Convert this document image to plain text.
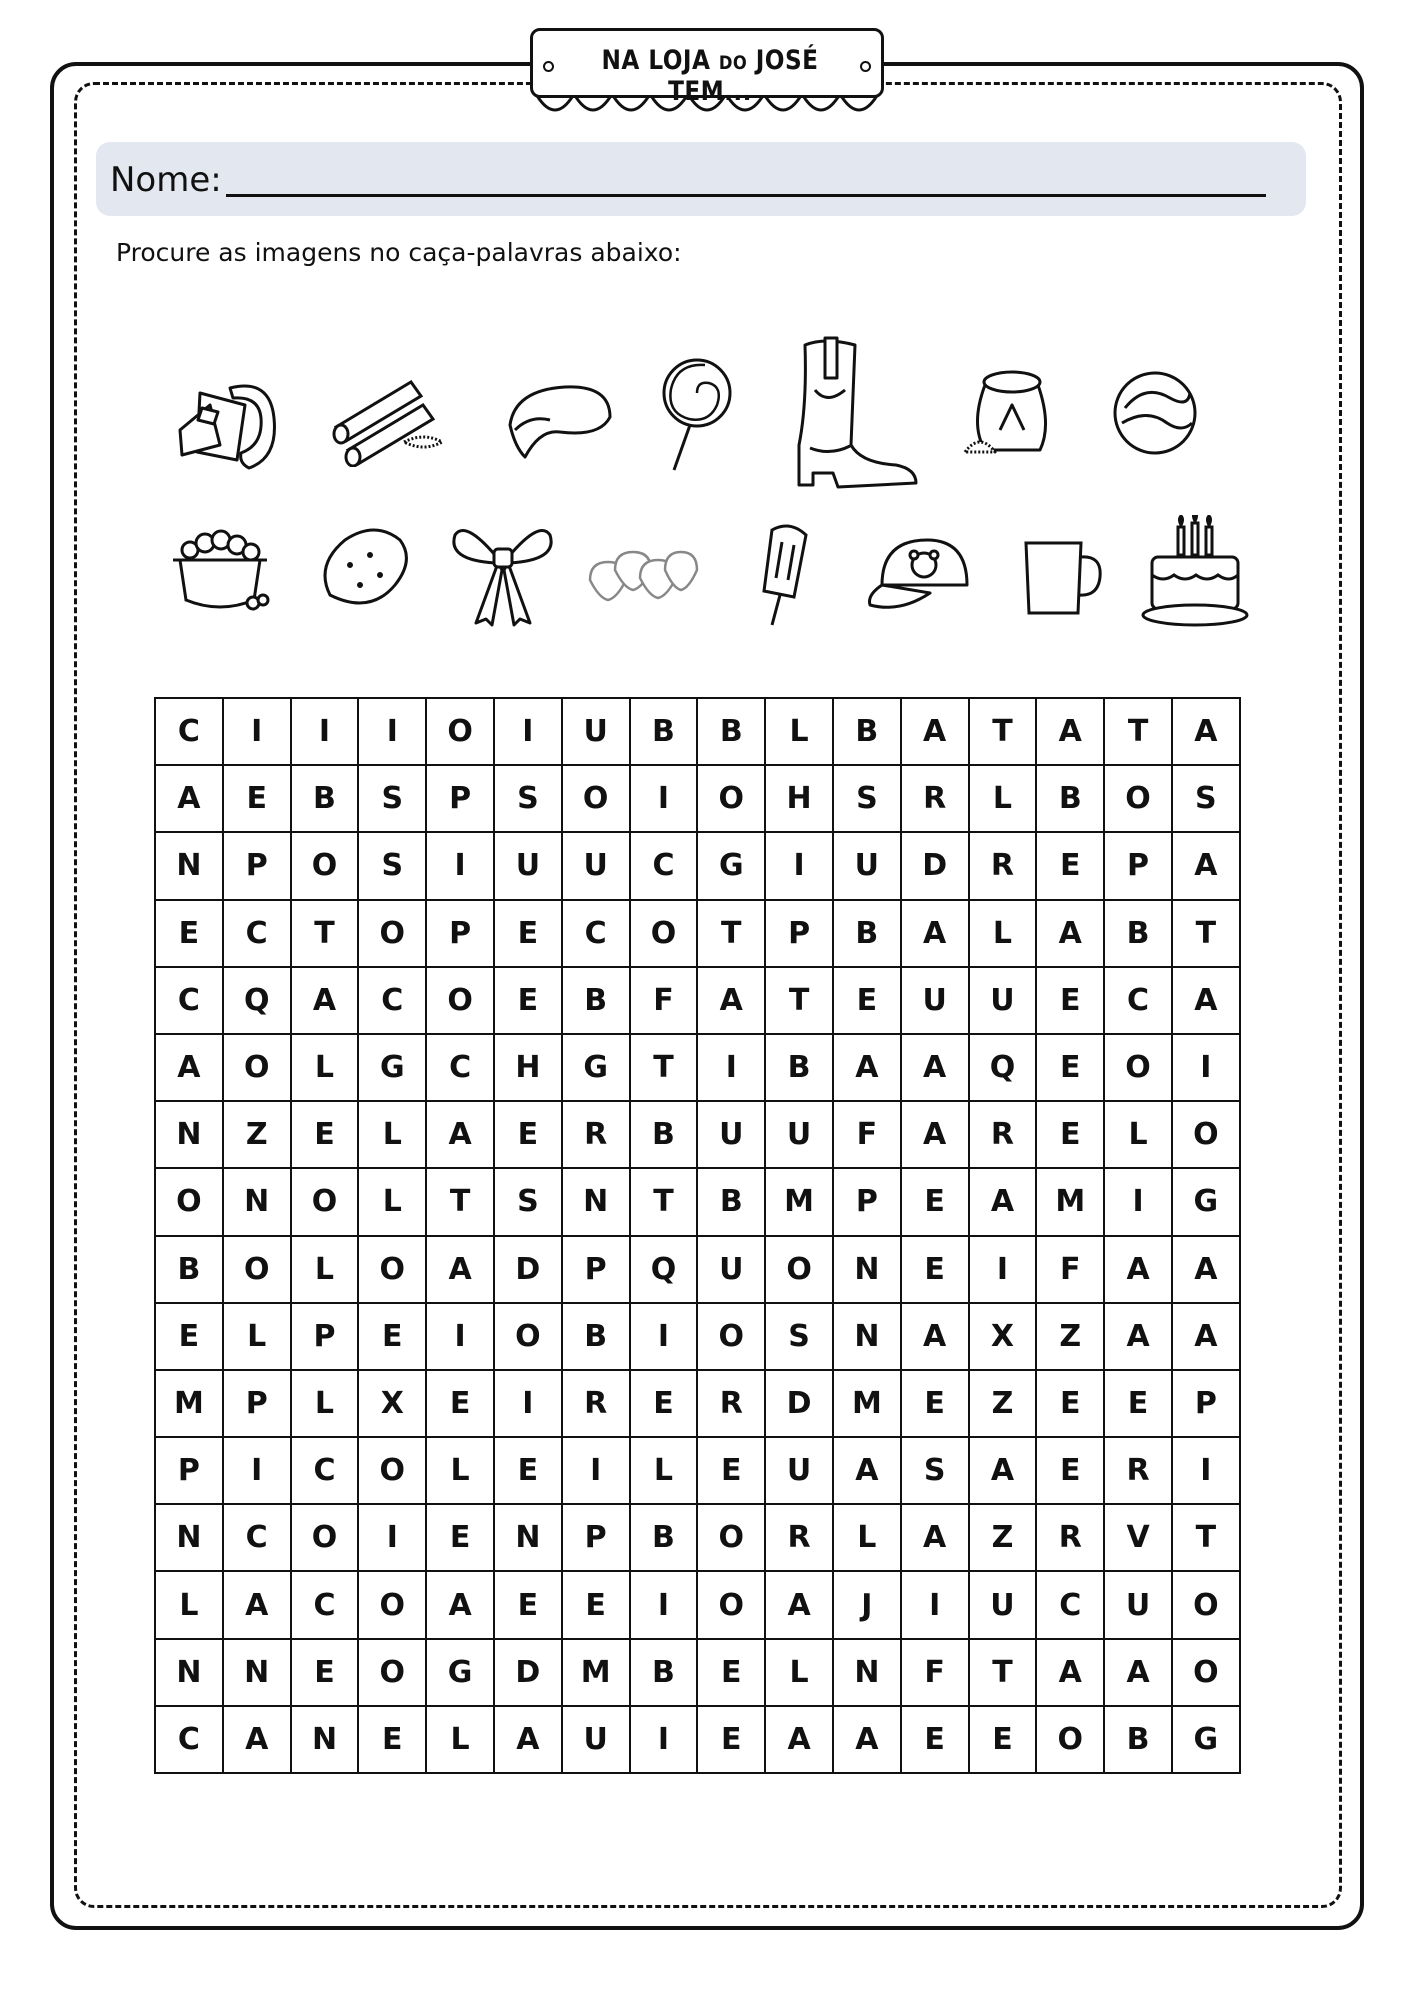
NA LOJA DO JOSÉ TEM...
Nome:
Procure as imagens no caça-palavras abaixo:
C	I	I	I	O	I	U	B	B	L	B	A	T	A	T	A
A	E	B	S	P	S	O	I	O	H	S	R	L	B	O	S
N	P	O	S	I	U	U	C	G	I	U	D	R	E	P	A
E	C	T	O	P	E	C	O	T	P	B	A	L	A	B	T
C	Q	A	C	O	E	B	F	A	T	E	U	U	E	C	A
A	O	L	G	C	H	G	T	I	B	A	A	Q	E	O	I
N	Z	E	L	A	E	R	B	U	U	F	A	R	E	L	O
O	N	O	L	T	S	N	T	B	M	P	E	A	M	I	G
B	O	L	O	A	D	P	Q	U	O	N	E	I	F	A	A
E	L	P	E	I	O	B	I	O	S	N	A	X	Z	A	A
M	P	L	X	E	I	R	E	R	D	M	E	Z	E	E	P
P	I	C	O	L	E	I	L	E	U	A	S	A	E	R	I
N	C	O	I	E	N	P	B	O	R	L	A	Z	R	V	T
L	A	C	O	A	E	E	I	O	A	J	I	U	C	U	O
N	N	E	O	G	D	M	B	E	L	N	F	T	A	A	O
C	A	N	E	L	A	U	I	E	A	A	E	E	O	B	G
